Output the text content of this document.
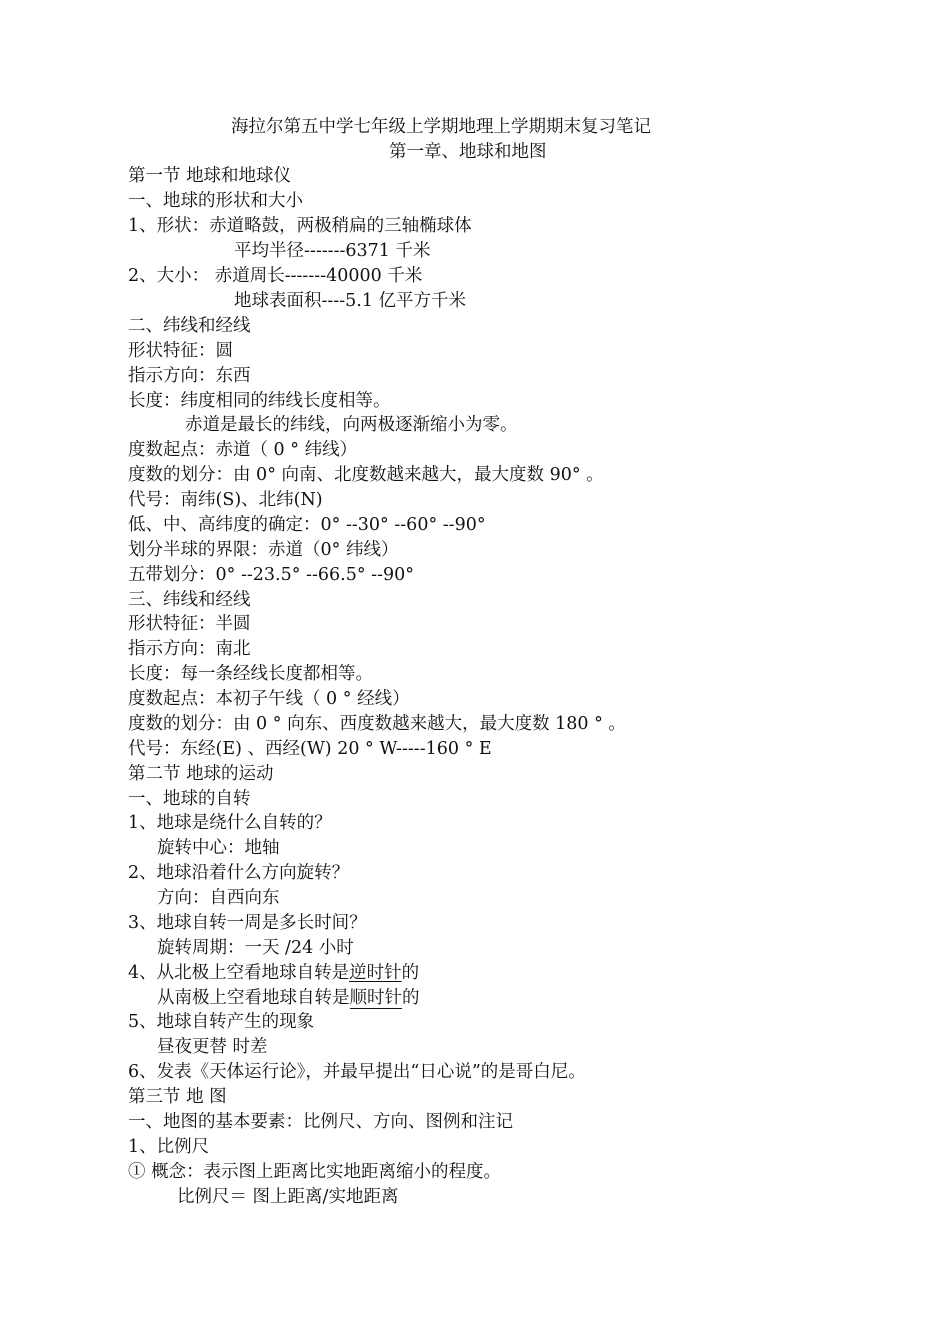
海拉尔第五中学七年级上学期地理上学期期末复习笔记
第一章、地球和地图
第一节 地球和地球仪
一、地球的形状和大小
1、形状：赤道略鼓，两极稍扁的三轴椭球体
平均半径-------6371 千米
2、大小： 赤道周长-------40000 千米
地球表面积----5.1 亿平方千米
二、纬线和经线
形状特征：圆
指示方向：东西
长度：纬度相同的纬线长度相等。
赤道是最长的纬线，向两极逐渐缩小为零。
度数起点：赤道（ 0 ° 纬线）
度数的划分：由 0° 向南、北度数越来越大，最大度数 90° 。
代号：南纬(S)、北纬(N)
低、中、高纬度的确定：0° --30° --60° --90°
划分半球的界限：赤道（0° 纬线）
五带划分：0° --23.5° --66.5° --90°
三、纬线和经线
形状特征：半圆
指示方向：南北
长度：每一条经线长度都相等。
度数起点：本初子午线（ 0 ° 经线）
度数的划分：由 0 ° 向东、西度数越来越大，最大度数 180 ° 。
代号：东经(E) 、西经(W) 20 ° W-----160 ° E
第二节 地球的运动
一、地球的自转
1、地球是绕什么自转的？
旋转中心：地轴
2、地球沿着什么方向旋转？
方向：自西向东
3、地球自转一周是多长时间？
旋转周期：一天 /24 小时
4、从北极上空看地球自转是逆时针的
从南极上空看地球自转是顺时针的
5、地球自转产生的现象
昼夜更替 时差
6、发表《天体运行论》，并最早提出“日心说”的是哥白尼。
第三节 地 图
一、地图的基本要素：比例尺、方向、图例和注记
1、比例尺
① 概念：表示图上距离比实地距离缩小的程度。
比例尺＝ 图上距离/实地距离
